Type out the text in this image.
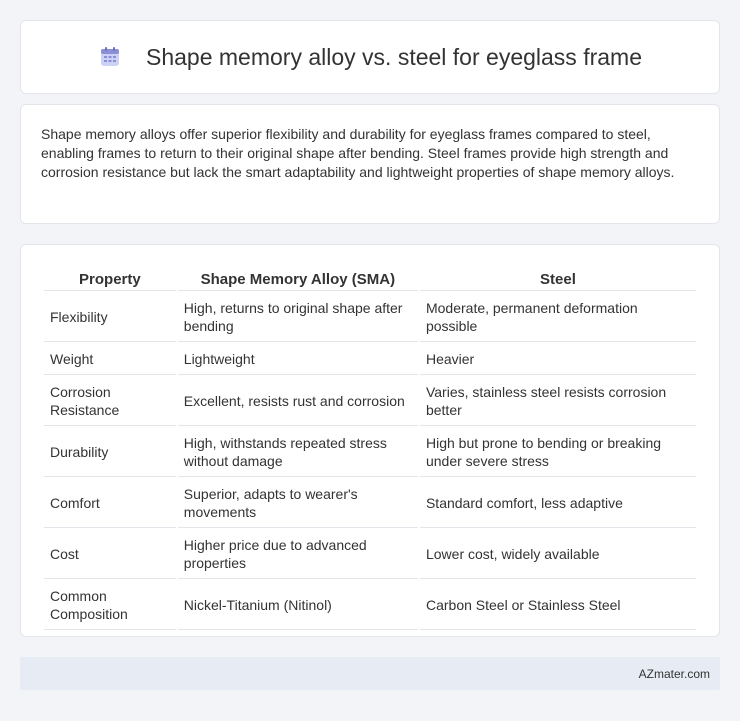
Shape memory alloy vs. steel for eyeglass frame

Shape memory alloys offer superior flexibility and durability for eyeglass frames compared to steel, enabling frames to return to their original shape after bending. Steel frames provide high strength and corrosion resistance but lack the smart adaptability and lightweight properties of shape memory alloys.

Property	Shape Memory Alloy (SMA)	Steel
Flexibility	High, returns to original shape after bending	Moderate, permanent deformation possible
Weight	Lightweight	Heavier
Corrosion Resistance	Excellent, resists rust and corrosion	Varies, stainless steel resists corrosion better
Durability	High, withstands repeated stress without damage	High but prone to bending or breaking under severe stress
Comfort	Superior, adapts to wearer's movements	Standard comfort, less adaptive
Cost	Higher price due to advanced properties	Lower cost, widely available
Common Composition	Nickel-Titanium (Nitinol)	Carbon Steel or Stainless Steel
AZmater.com
